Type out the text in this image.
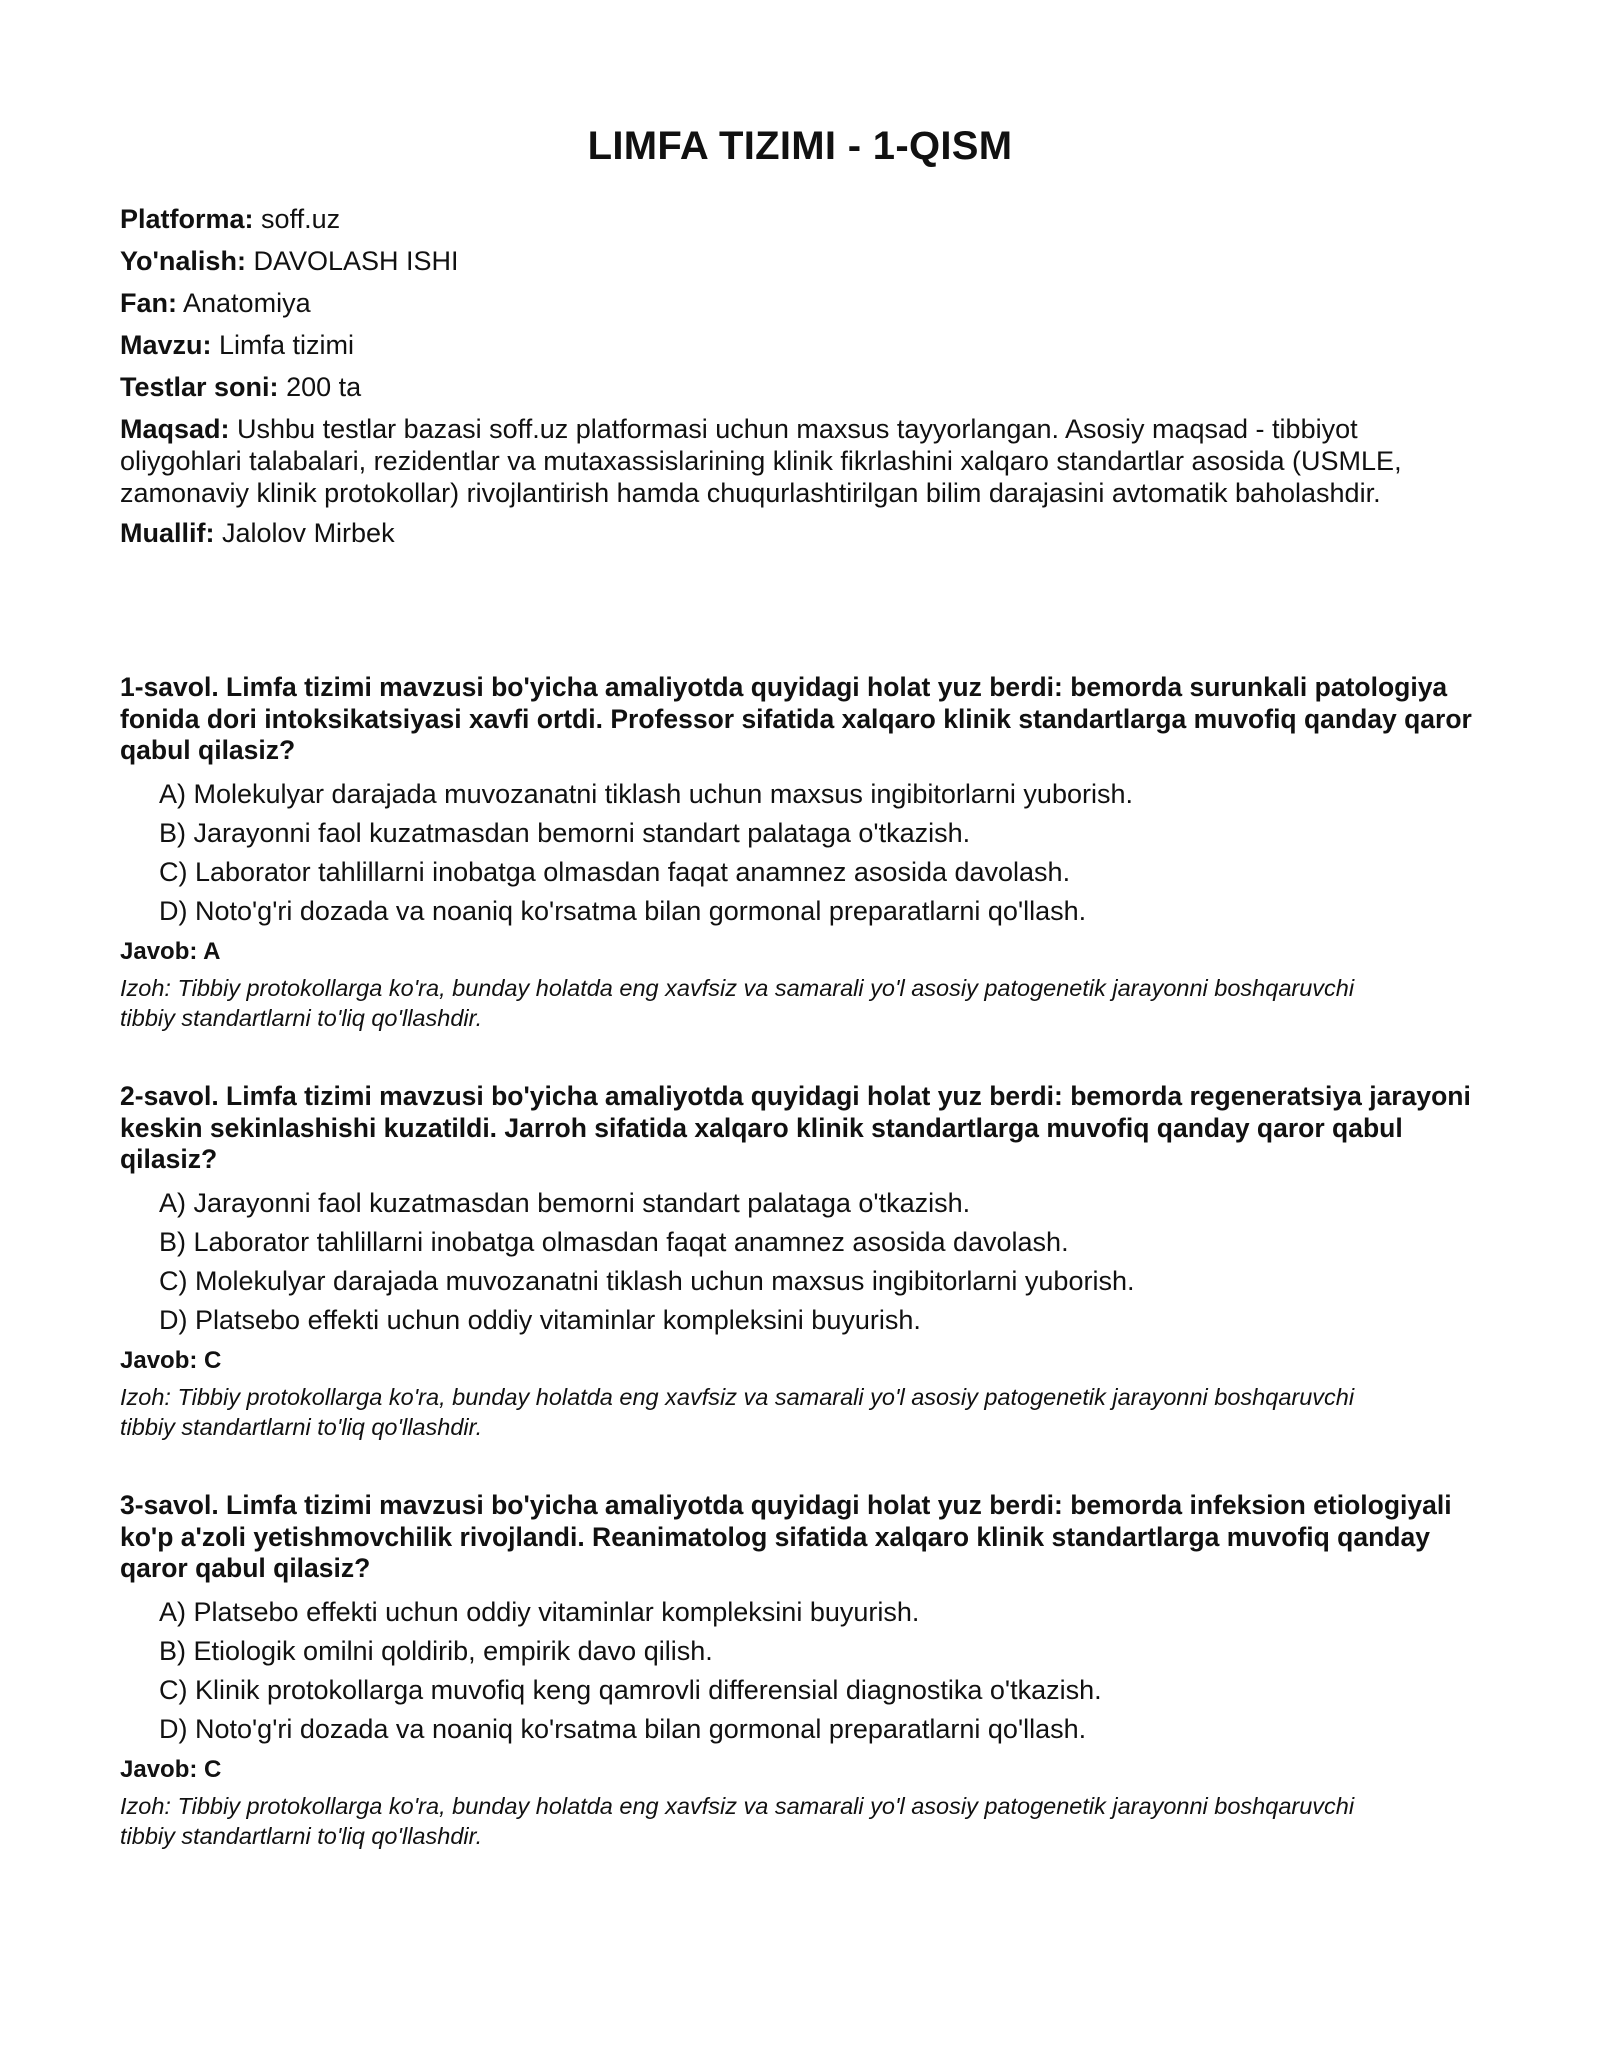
LIMFA TIZIMI - 1-QISM
Platforma: soff.uz
Yo'nalish: DAVOLASH ISHI
Fan: Anatomiya
Mavzu: Limfa tizimi
Testlar soni: 200 ta
Maqsad: Ushbu testlar bazasi soff.uz platformasi uchun maxsus tayyorlangan. Asosiy maqsad - tibbiyot oliygohlari talabalari, rezidentlar va mutaxassislarining klinik fikrlashini xalqaro standartlar asosida (USMLE, zamonaviy klinik protokollar) rivojlantirish hamda chuqurlashtirilgan bilim darajasini avtomatik baholashdir.
Muallif: Jalolov Mirbek

1-savol. Limfa tizimi mavzusi bo'yicha amaliyotda quyidagi holat yuz berdi: bemorda surunkali patologiya fonida dori intoksikatsiyasi xavfi ortdi. Professor sifatida xalqaro klinik standartlarga muvofiq qanday qaror qabul qilasiz?

A) Molekulyar darajada muvozanatni tiklash uchun maxsus ingibitorlarni yuborish.
B) Jarayonni faol kuzatmasdan bemorni standart palataga o'tkazish.
C) Laborator tahlillarni inobatga olmasdan faqat anamnez asosida davolash.
D) Noto'g'ri dozada va noaniq ko'rsatma bilan gormonal preparatlarni qo'llash.
Javob: A
Izoh: Tibbiy protokollarga ko'ra, bunday holatda eng xavfsiz va samarali yo'l asosiy patogenetik jarayonni boshqaruvchi tibbiy standartlarni to'liq qo'llashdir.

2-savol. Limfa tizimi mavzusi bo'yicha amaliyotda quyidagi holat yuz berdi: bemorda regeneratsiya jarayoni keskin sekinlashishi kuzatildi. Jarroh sifatida xalqaro klinik standartlarga muvofiq qanday qaror qabul qilasiz?

A) Jarayonni faol kuzatmasdan bemorni standart palataga o'tkazish.
B) Laborator tahlillarni inobatga olmasdan faqat anamnez asosida davolash.
C) Molekulyar darajada muvozanatni tiklash uchun maxsus ingibitorlarni yuborish.
D) Platsebo effekti uchun oddiy vitaminlar kompleksini buyurish.
Javob: C
Izoh: Tibbiy protokollarga ko'ra, bunday holatda eng xavfsiz va samarali yo'l asosiy patogenetik jarayonni boshqaruvchi tibbiy standartlarni to'liq qo'llashdir.

3-savol. Limfa tizimi mavzusi bo'yicha amaliyotda quyidagi holat yuz berdi: bemorda infeksion etiologiyali ko'p a'zoli yetishmovchilik rivojlandi. Reanimatolog sifatida xalqaro klinik standartlarga muvofiq qanday qaror qabul qilasiz?

A) Platsebo effekti uchun oddiy vitaminlar kompleksini buyurish.
B) Etiologik omilni qoldirib, empirik davo qilish.
C) Klinik protokollarga muvofiq keng qamrovli differensial diagnostika o'tkazish.
D) Noto'g'ri dozada va noaniq ko'rsatma bilan gormonal preparatlarni qo'llash.
Javob: C
Izoh: Tibbiy protokollarga ko'ra, bunday holatda eng xavfsiz va samarali yo'l asosiy patogenetik jarayonni boshqaruvchi tibbiy standartlarni to'liq qo'llashdir.
